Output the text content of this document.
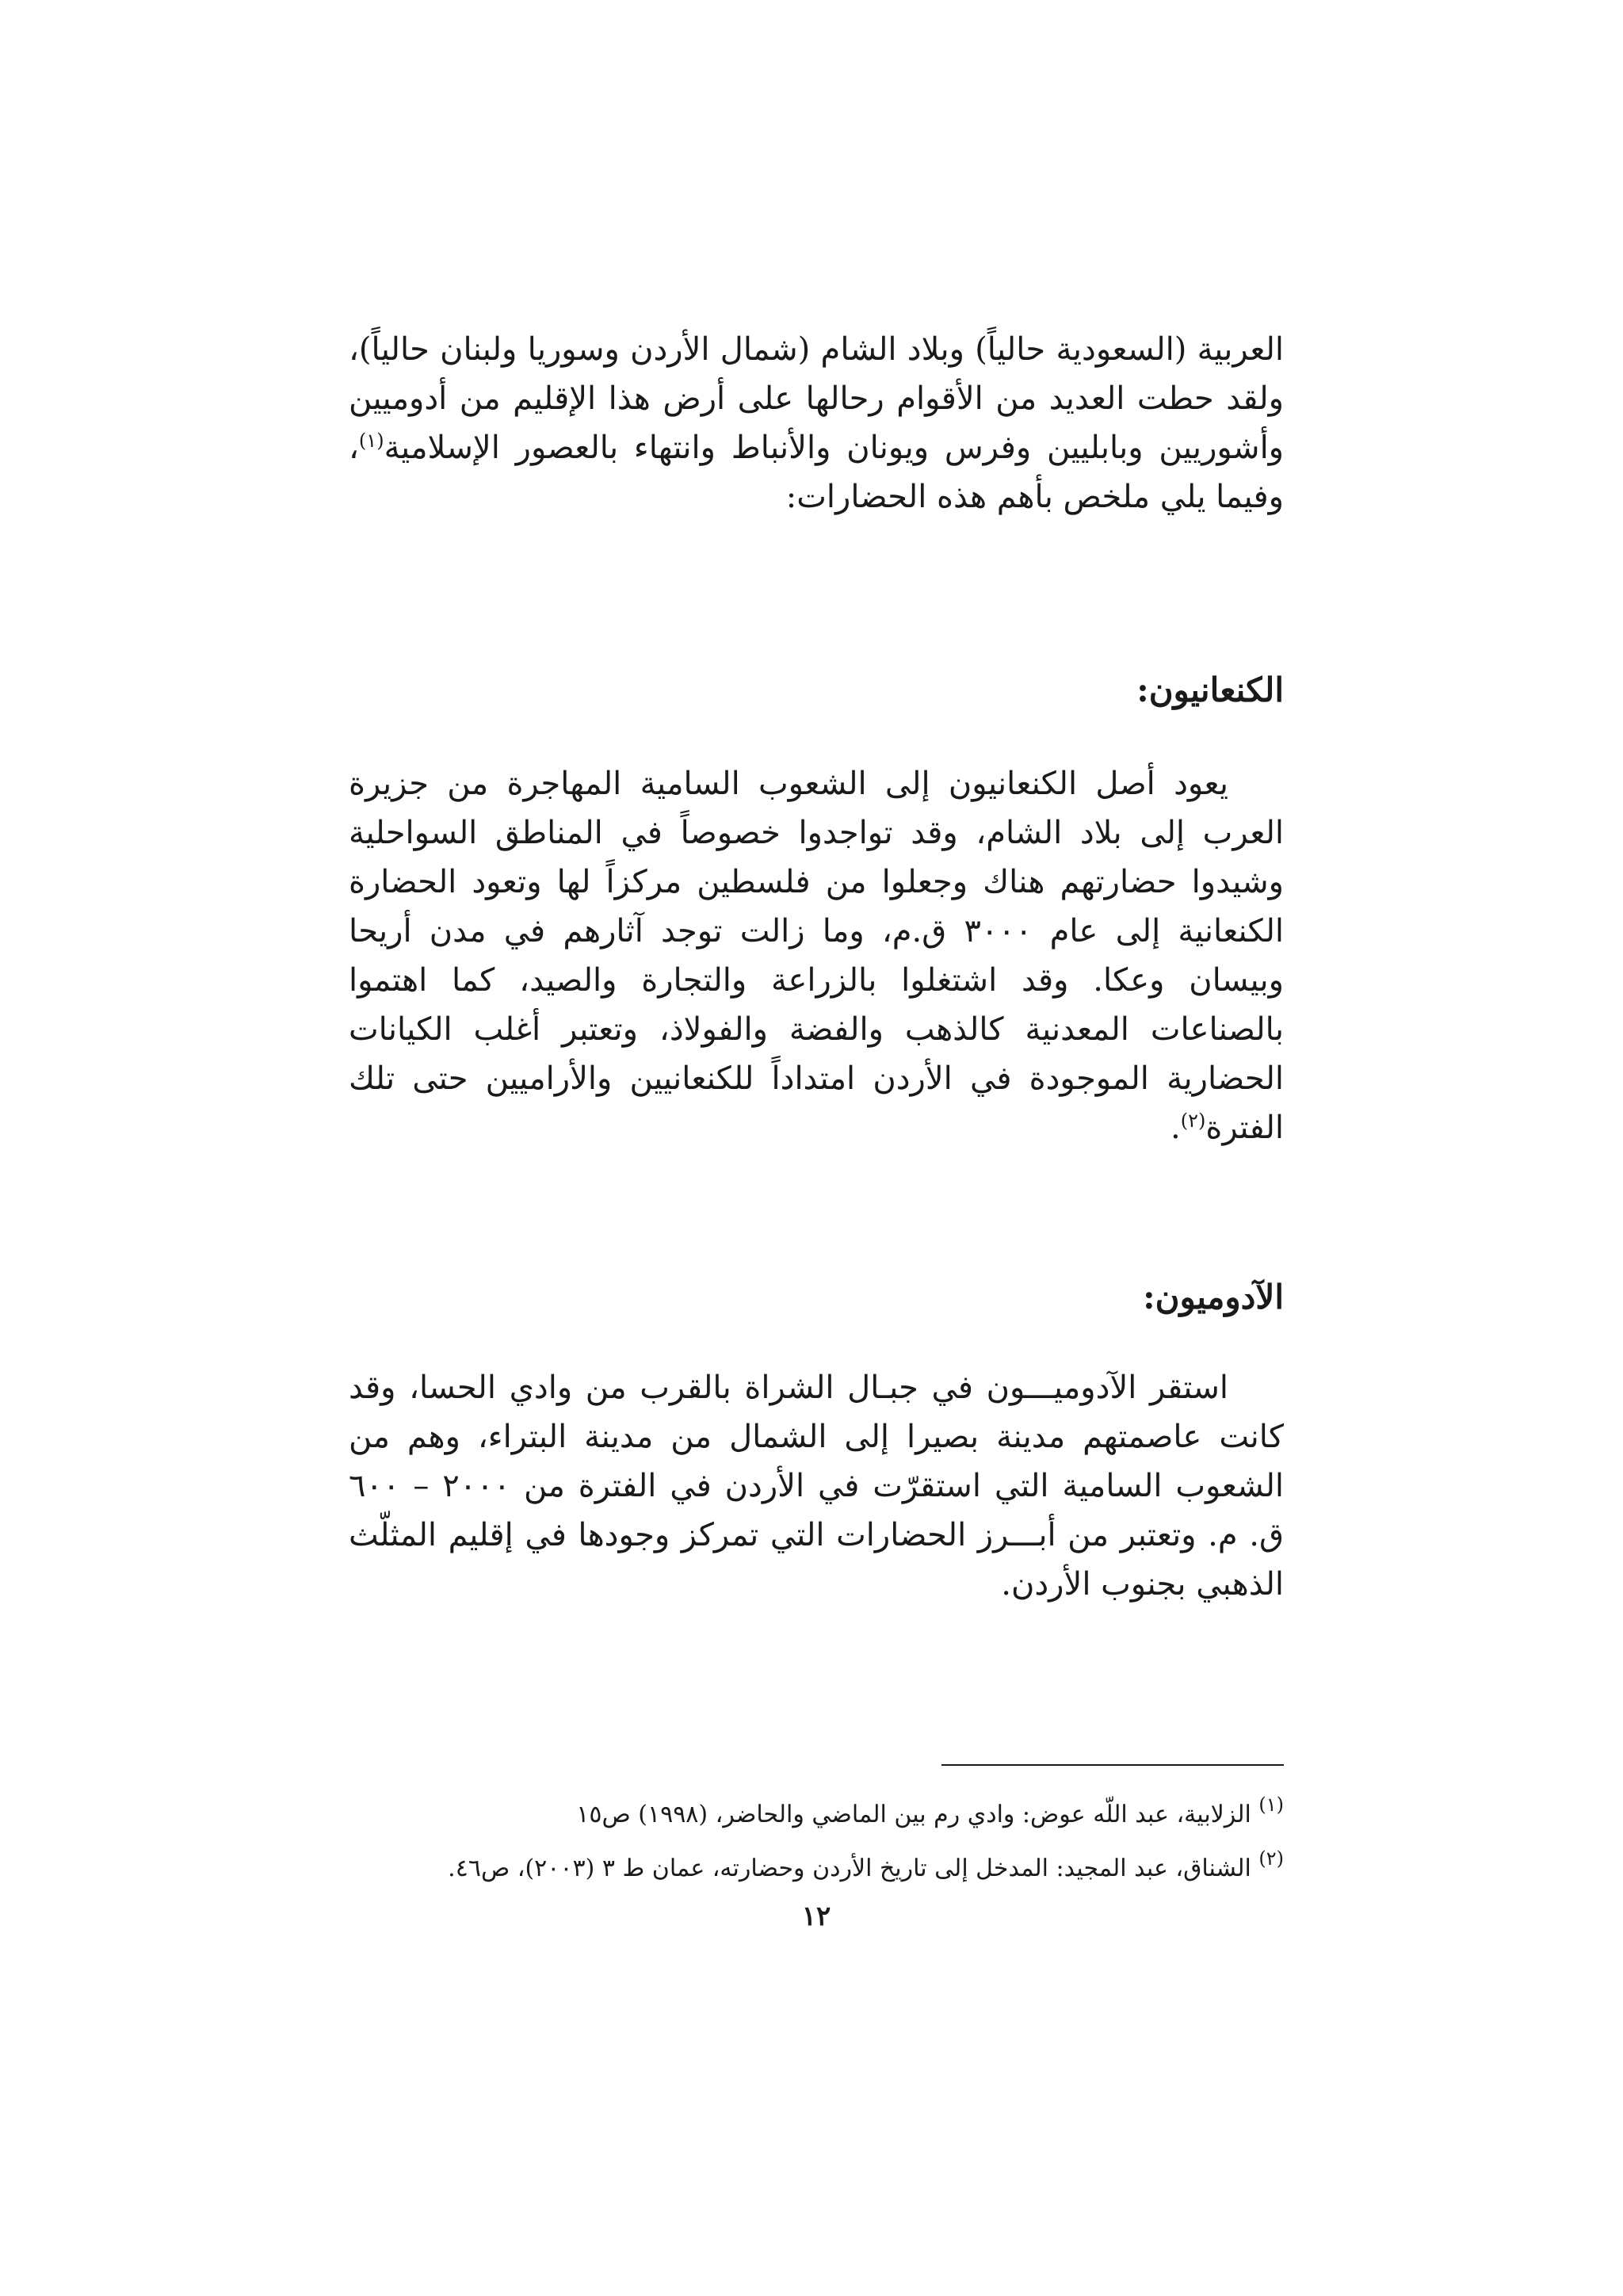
العربية (السعودية حالياً) وبلاد الشام (شمال الأردن وسوريا ولبنان حالياً)، ولقد حطت العديد من الأقوام رحالها على أرض هذا الإقليم من أدوميين وأشوريين وبابليين وفرس ويونان والأنباط وانتهاء بالعصور الإسلامية$^{(١)}$، وفيما يلي ملخص بأهم هذه الحضارات:

الكنعانيون:

يعود أصل الكنعانيون إلى الشعوب السامية المهاجرة من جزيرة العرب إلى بلاد الشام، وقد تواجدوا خصوصاً في المناطق السواحلية وشيدوا حضارتهم هناك وجعلوا من فلسطين مركزاً لها وتعود الحضارة الكنعانية إلى عام ٣٠٠٠ ق.م، وما زالت توجد آثارهم في مدن أريحا وبيسان وعكا. وقد اشتغلوا بالزراعة والتجارة والصيد، كما اهتموا بالصناعات المعدنية كالذهب والفضة والفولاذ، وتعتبر أغلب الكيانات الحضارية الموجودة في الأردن امتداداً للكنعانيين والأراميين حتى تلك الفترة$^{(٢)}$.

الآدوميون:

استقر الآدوميـــون في جبـال الشراة بالقرب من وادي الحسا، وقد كانت عاصمتهم مدينة بصيرا إلى الشمال من مدينة البتراء، وهم من الشعوب السامية التي استقرّت في الأردن في الفترة من ٢٠٠٠ – ٦٠٠ ق. م. وتعتبر من أبـــرز الحضارات التي تمركز وجودها في إقليم المثلّث الذهبي بجنوب الأردن.

$^{(١)}$ الزلابية، عبد اللّه عوض: وادي رم بين الماضي والحاضر، (١٩٩٨) ص١٥
$^{(٢)}$ الشناق، عبد المجيد: المدخل إلى تاريخ الأردن وحضارته، عمان ط ٣ (٢٠٠٣)، ص٤٦.
١٢
